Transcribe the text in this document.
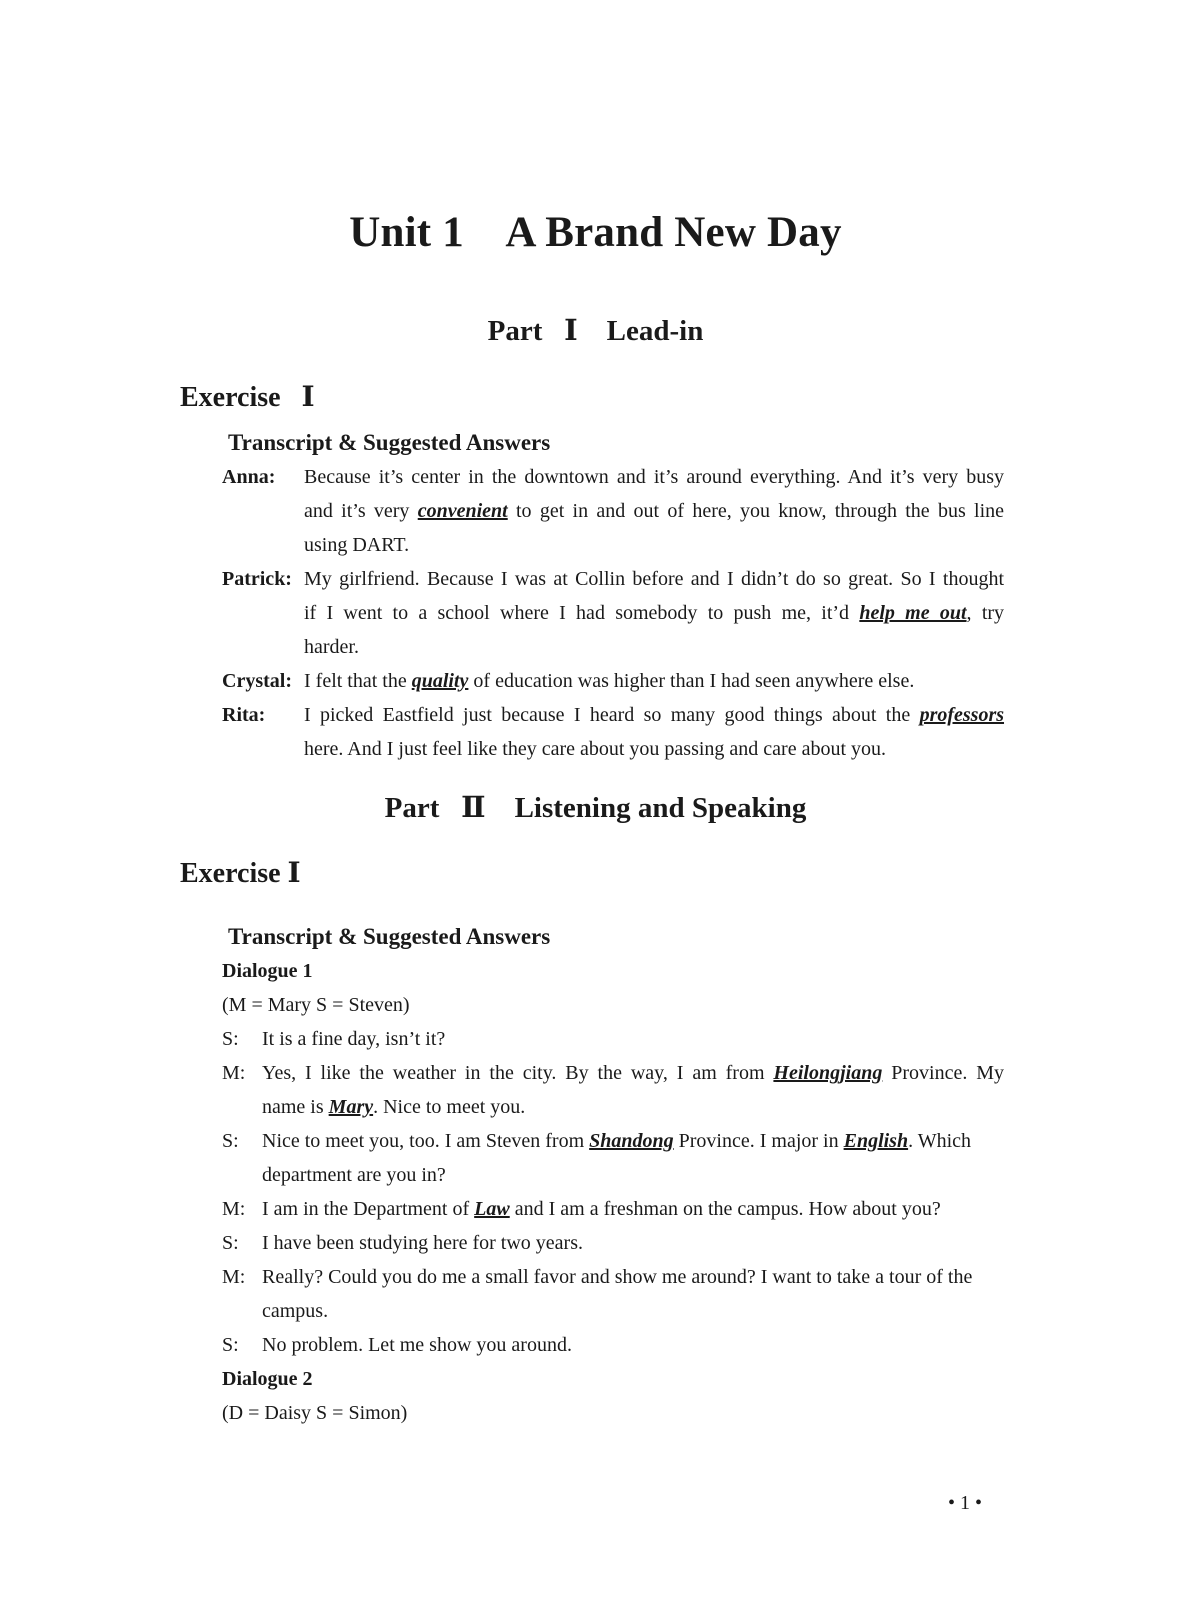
Unit 1    A Brand New Day
Part   Ⅰ    Lead-in
Exercise   Ⅰ
Transcript & Suggested Answers
Anna: Because it’s center in the downtown and it’s around everything. And it’s very busy
and it’s very convenient to get in and out of here, you know, through the bus line
using DART.
Patrick: My girlfriend. Because I was at Collin before and I didn’t do so great. So I thought
if I went to a school where I had somebody to push me, it’d help me out, try
harder.
Crystal: I felt that the quality of education was higher than I had seen anywhere else.
Rita: I picked Eastfield just because I heard so many good things about the professors
here. And I just feel like they care about you passing and care about you.
Part   Ⅱ    Listening and Speaking
Exercise Ⅰ
Transcript & Suggested Answers
Dialogue 1
(M = Mary S = Steven)
S: It is a fine day, isn’t it?
M: Yes, I like the weather in the city. By the way, I am from Heilongjiang Province. My
name is Mary. Nice to meet you.
S: Nice to meet you, too. I am Steven from Shandong Province. I major in English. Which
department are you in?
M: I am in the Department of Law and I am a freshman on the campus. How about you?
S: I have been studying here for two years.
M: Really? Could you do me a small favor and show me around? I want to take a tour of the
campus.
S: No problem. Let me show you around.
Dialogue 2
(D = Daisy S = Simon)
• 1 •
